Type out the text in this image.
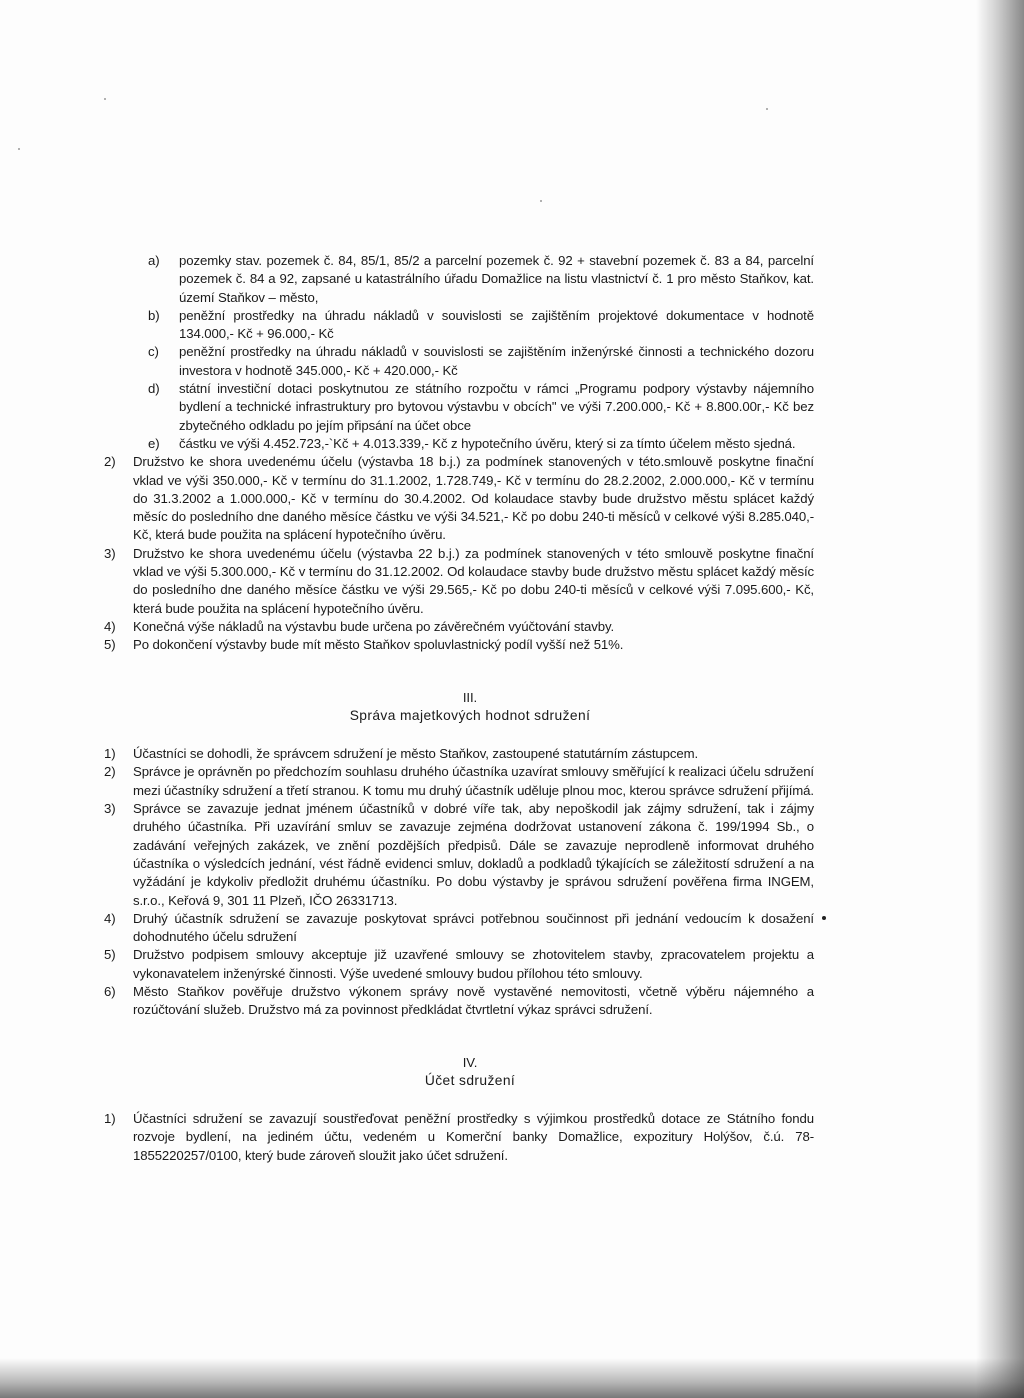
a) pozemky stav. pozemek č. 84, 85/1, 85/2 a parcelní pozemek č. 92 + stavební pozemek č. 83 a 84, parcelní pozemek č. 84 a 92, zapsané u katastrálního úřadu Domažlice na listu vlastnictví č. 1 pro město Staňkov, kat. území Staňkov – město,
b) peněžní prostředky na úhradu nákladů v souvislosti se zajištěním projektové dokumentace v hodnotě 134.000,- Kč + 96.000,- Kč
c) peněžní prostředky na úhradu nákladů v souvislosti se zajištěním inženýrské činnosti a technického dozoru investora v hodnotě 345.000,- Kč + 420.000,- Kč
d) státní investiční dotaci poskytnutou ze státního rozpočtu v rámci „Programu podpory výstavby nájemního bydlení a technické infrastruktury pro bytovou výstavbu v obcích" ve výši 7.200.000,- Kč + 8.800.00ᴦ,- Kč bez zbytečného odkladu po jejím připsání na účet obce
e) částku ve výši 4.452.723,-`Kč + 4.013.339,- Kč z hypotečního úvěru, který si za tímto účelem město sjedná.
2) Družstvo ke shora uvedenému účelu (výstavba 18 b.j.) za podmínek stanovených v této.smlouvě poskytne finační vklad ve výši 350.000,- Kč v termínu do 31.1.2002, 1.728.749,- Kč v termínu do 28.2.2002, 2.000.000,- Kč v termínu do 31.3.2002 a 1.000.000,- Kč v termínu do 30.4.2002. Od kolaudace stavby bude družstvo městu splácet každý měsíc do posledního dne daného měsíce částku ve výši 34.521,- Kč po dobu 240-ti měsíců v celkové výši 8.285.040,- Kč, která bude použita na splácení hypotečního úvěru.
3) Družstvo ke shora uvedenému účelu (výstavba 22 b.j.) za podmínek stanovených v této smlouvě poskytne finační vklad ve výši 5.300.000,- Kč v termínu do 31.12.2002. Od kolaudace stavby bude družstvo městu splácet každý měsíc do posledního dne daného měsíce částku ve výši 29.565,- Kč po dobu 240-ti měsíců v celkové výši 7.095.600,- Kč, která bude použita na splácení hypotečního úvěru.
4) Konečná výše nákladů na výstavbu bude určena po závěrečném vyúčtování stavby.
5) Po dokončení výstavby bude mít město Staňkov spoluvlastnický podíl vyšší než 51%.
III.
Správa majetkových hodnot sdružení
1) Účastníci se dohodli, že správcem sdružení je město Staňkov, zastoupené statutárním zástupcem.
2) Správce je oprávněn po předchozím souhlasu druhého účastníka uzavírat smlouvy směřující k realizaci účelu sdružení mezi účastníky sdružení a třetí stranou. K tomu mu druhý účastník uděluje plnou moc, kterou správce sdružení přijímá.
3) Správce se zavazuje jednat jménem účastníků v dobré víře tak, aby nepoškodil jak zájmy sdružení, tak i zájmy druhého účastníka. Při uzavírání smluv se zavazuje zejména dodržovat ustanovení zákona č. 199/1994 Sb., o zadávání veřejných zakázek, ve znění pozdějších předpisů. Dále se zavazuje neprodleně informovat druhého účastníka o výsledcích jednání, vést řádně evidenci smluv, dokladů a podkladů týkajících se záležitostí sdružení a na vyžádání je kdykoliv předložit druhému účastníku. Po dobu výstavby je správou sdružení pověřena firma INGEM, s.r.o., Keřová 9, 301 11 Plzeň, IČO 26331713.
4) Druhý účastník sdružení se zavazuje poskytovat správci potřebnou součinnost při jednání vedoucím k dosažení dohodnutého účelu sdružení
5) Družstvo podpisem smlouvy akceptuje již uzavřené smlouvy se zhotovitelem stavby, zpracovatelem projektu a vykonavatelem inženýrské činnosti. Výše uvedené smlouvy budou přílohou této smlouvy.
6) Město Staňkov pověřuje družstvo výkonem správy nově vystavěné nemovitosti, včetně výběru nájemného a rozúčtování služeb. Družstvo má za povinnost předkládat čtvrtletní výkaz správci sdružení.
IV.
Účet sdružení
1) Účastníci sdružení se zavazují soustřeďovat peněžní prostředky s výjimkou prostředků dotace ze Státního fondu rozvoje bydlení, na jediném účtu, vedeném u Komerční banky Domažlice, expozitury Holýšov, č.ú. 78-1855220257/0100, který bude zároveň sloužit jako účet sdružení.
